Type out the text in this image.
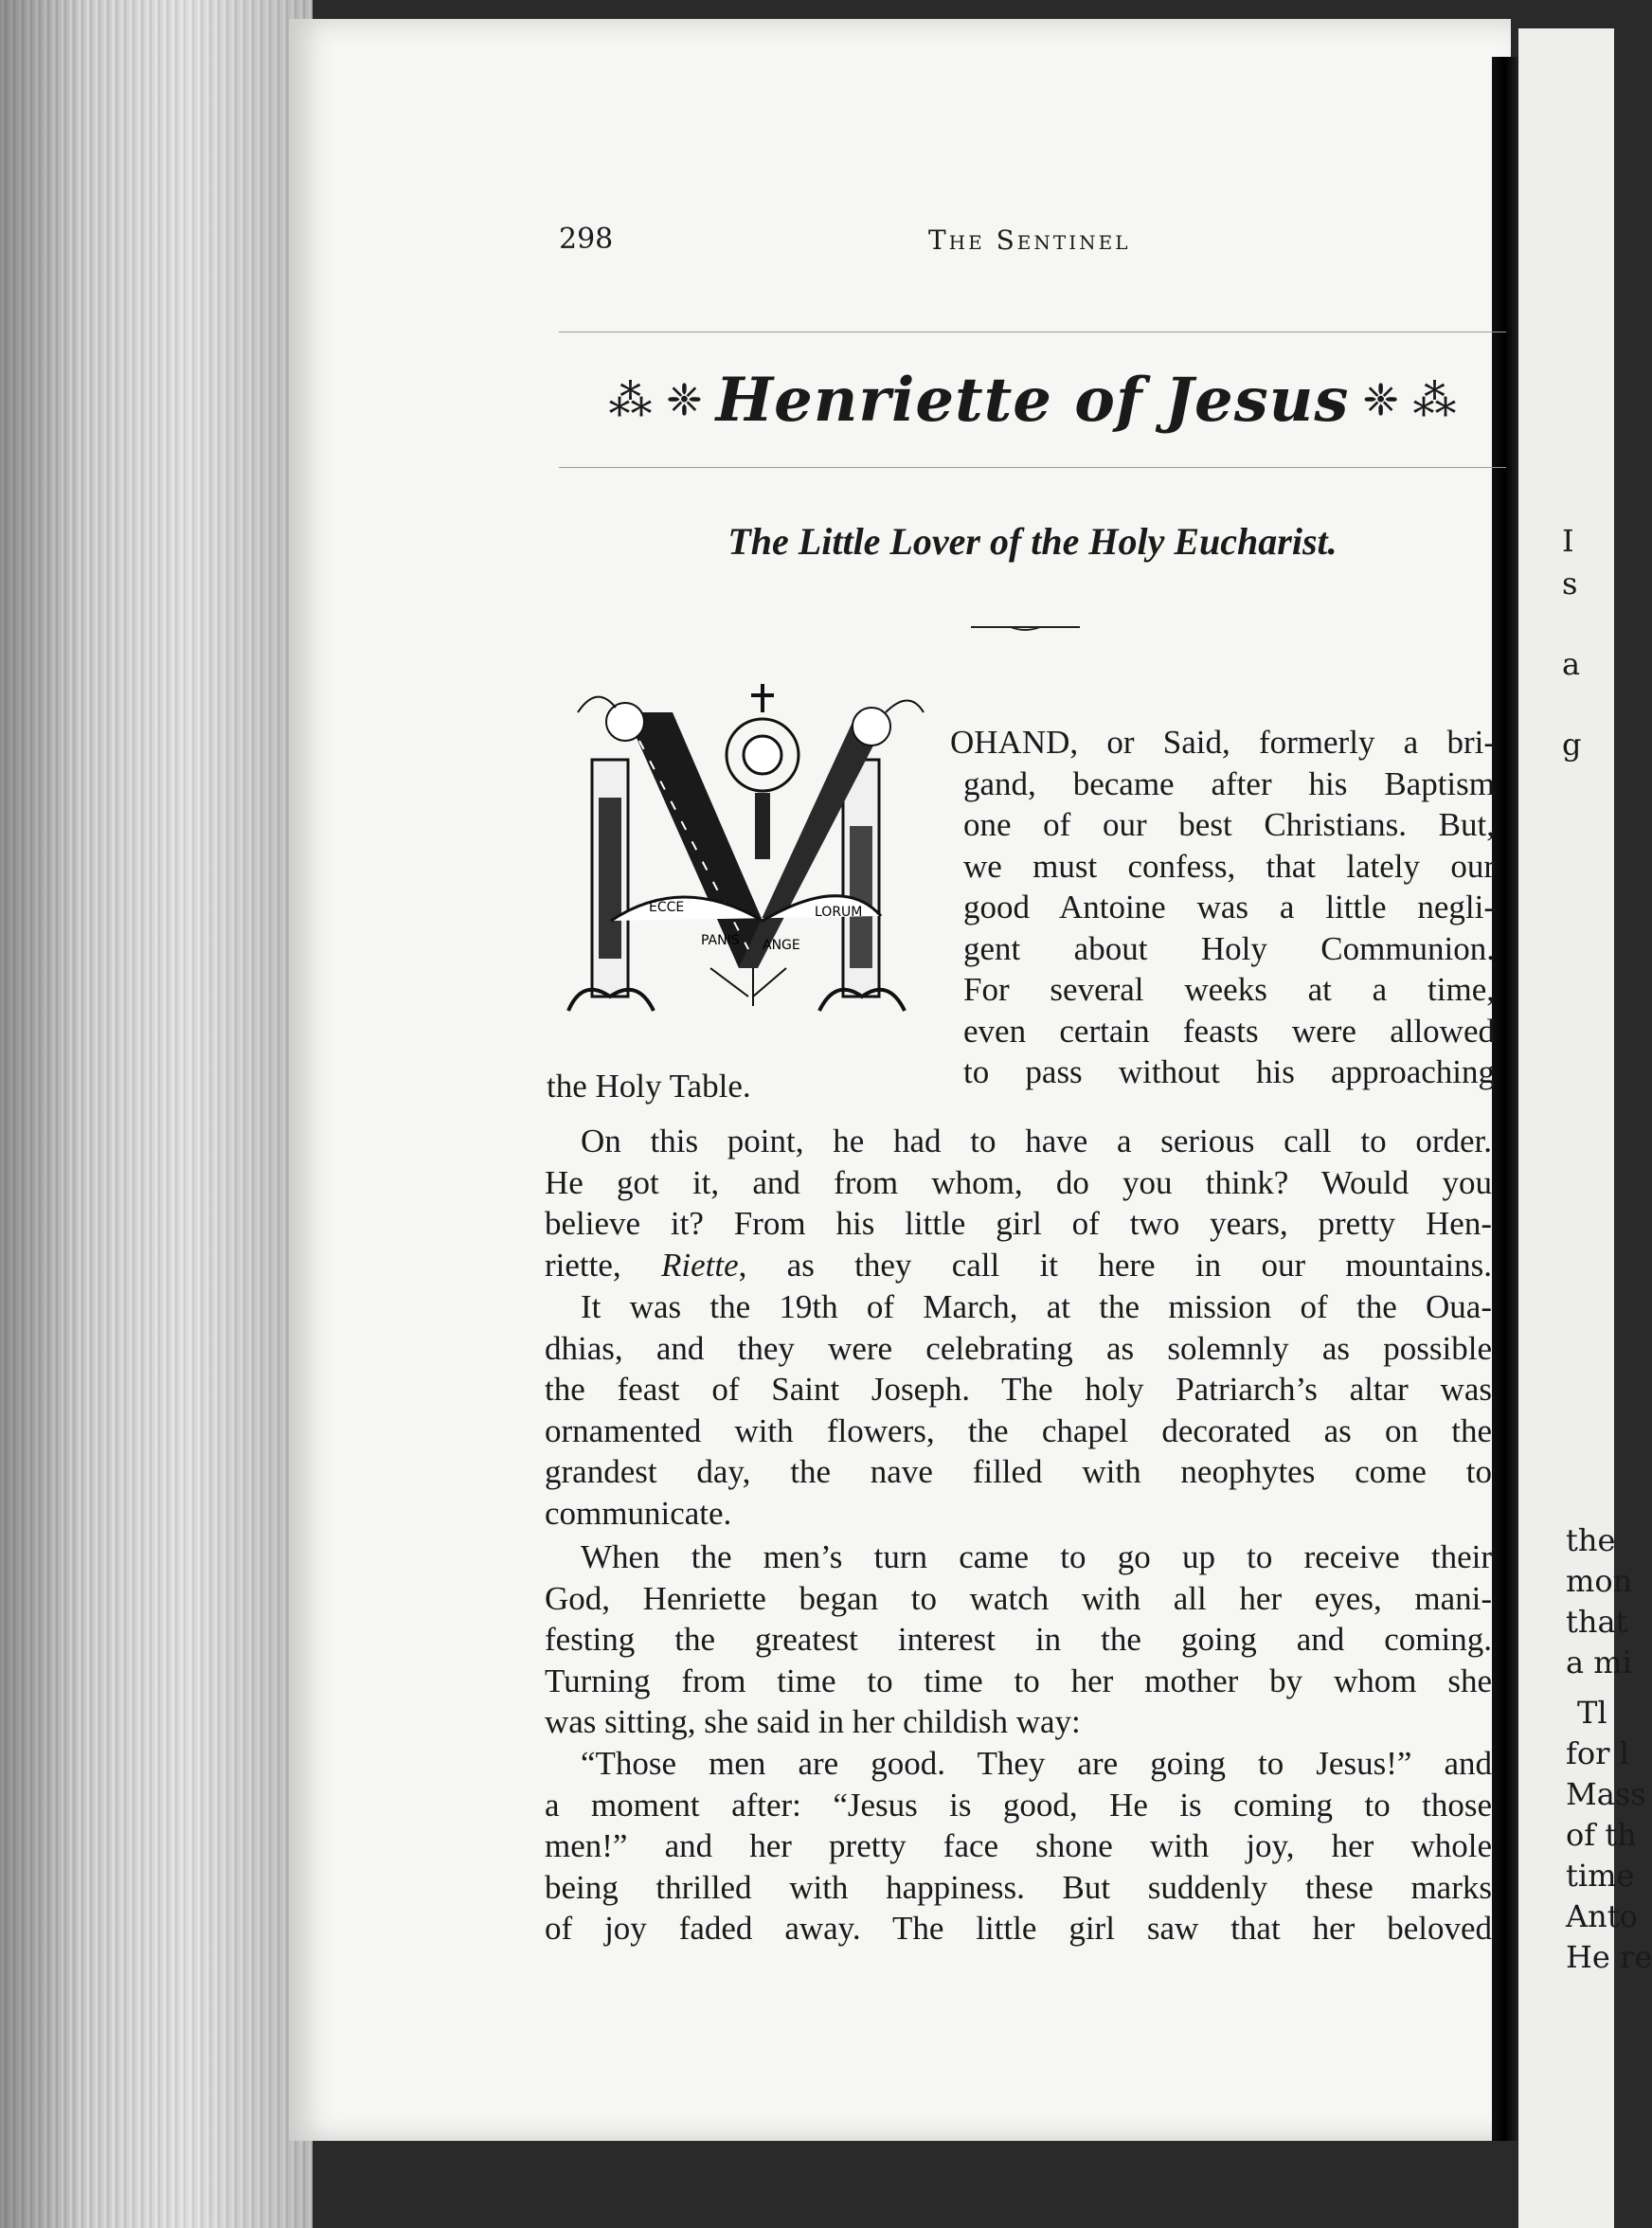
I
s
a
g
the
mon
that
a mi
Tl
for l
Mass
of th
time
Anto
He re
298	The Sentinel
⁂ ❈ Henriette of Jesus ❈ ⁂
The Little Lover of the Holy Eucharist.
ECCE
PANIS ANGE
LORUM
M
OHAND, or Said, formerly a bri-
gand, became after his Baptism
one of our best Christians. But,
we must confess, that lately our
good Antoine was a little negli-
gent about Holy Communion.
For several weeks at a time,
even certain feasts were allowed
to pass without his approaching
the Holy Table.
On this point, he had to have a serious call to order.
He got it, and from whom, do you think? Would you
believe it? From his little girl of two years, pretty Hen-
riette, Riette, as they call it here in our mountains.
It was the 19th of March, at the mission of the Oua-
dhias, and they were celebrating as solemnly as possible
the feast of Saint Joseph. The holy Patriarch’s altar was
ornamented with flowers, the chapel decorated as on the
grandest day, the nave filled with neophytes come to
communicate.
When the men’s turn came to go up to receive their
God, Henriette began to watch with all her eyes, mani-
festing the greatest interest in the going and coming.
Turning from time to time to her mother by whom she
was sitting, she said in her childish way:
“Those men are good. They are going to Jesus!” and
a moment after: “Jesus is good, He is coming to those
men!” and her pretty face shone with joy, her whole
being thrilled with happiness. But suddenly these marks
of joy faded away. The little girl saw that her beloved
